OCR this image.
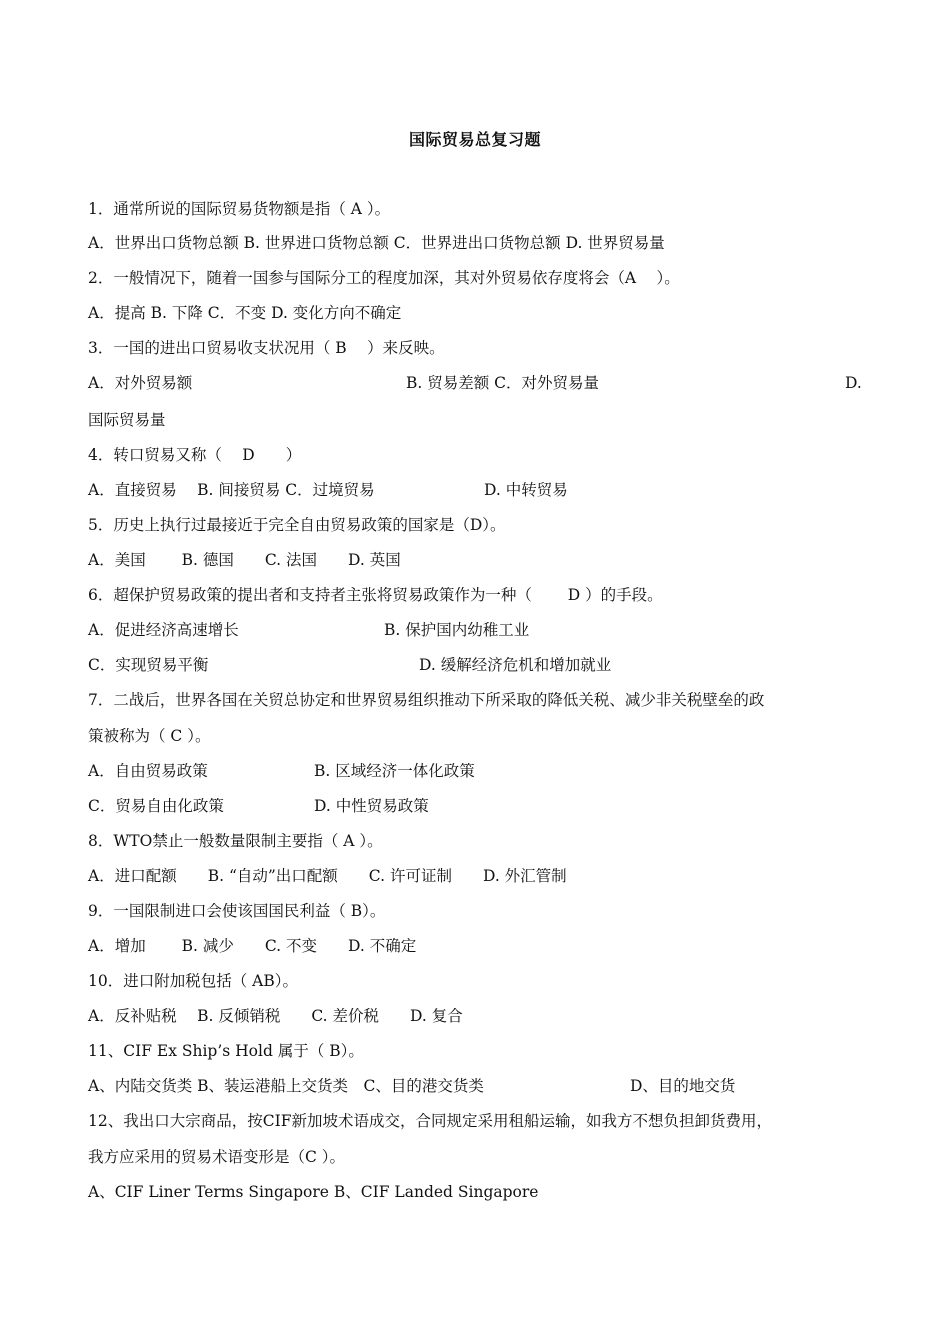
国际贸易总复习题
1．通常所说的国际贸易货物额是指（ A ）。
A．世界出口货物总额 B. 世界进口货物总额 C．世界进出口货物总额 D. 世界贸易量
2．一般情况下，随着一国参与国际分工的程度加深，其对外贸易依存度将会（A　 ）。
A．提高 B. 下降 C．不变 D. 变化方向不确定
3．一国的进出口贸易收支状况用（ B　 ）来反映。
A．对外贸易额	B. 贸易差额 C．对外贸易量	D.
国际贸易量
4．转口贸易又称（　 D　　）
A．直接贸易　 B. 间接贸易 C．过境贸易	D. 中转贸易
5．历史上执行过最接近于完全自由贸易政策的国家是（D）。
A．美国　　 B. 德国　　C. 法国　　D. 英国
6．超保护贸易政策的提出者和支持者主张将贸易政策作为一种（　　 D ）的手段。
A．促进经济高速增长	B. 保护国内幼稚工业
C．实现贸易平衡	D. 缓解经济危机和增加就业
7．二战后，世界各国在关贸总协定和世界贸易组织推动下所采取的降低关税、减少非关税壁垒的政
策被称为（ C ）。
A．自由贸易政策	B. 区域经济一体化政策
C．贸易自由化政策	D. 中性贸易政策
8．WTO禁止一般数量限制主要指（ A ）。
A．进口配额　　B. “自动”出口配额　　C. 许可证制　　D. 外汇管制
9．一国限制进口会使该国国民利益（ B）。
A．增加　　 B. 减少　　C. 不变　　D. 不确定
10．进口附加税包括（ AB）。
A．反补贴税　 B. 反倾销税　　C. 差价税　　D. 复合
11、CIF Ex Ship’s Hold 属于（ B）。
A、内陆交货类 B、装运港船上交货类　C、目的港交货类	D、目的地交货
12、我出口大宗商品，按CIF新加坡术语成交，合同规定采用租船运输，如我方不想负担卸货费用，
我方应采用的贸易术语变形是（C ）。
A、CIF Liner Terms Singapore B、CIF Landed Singapore
